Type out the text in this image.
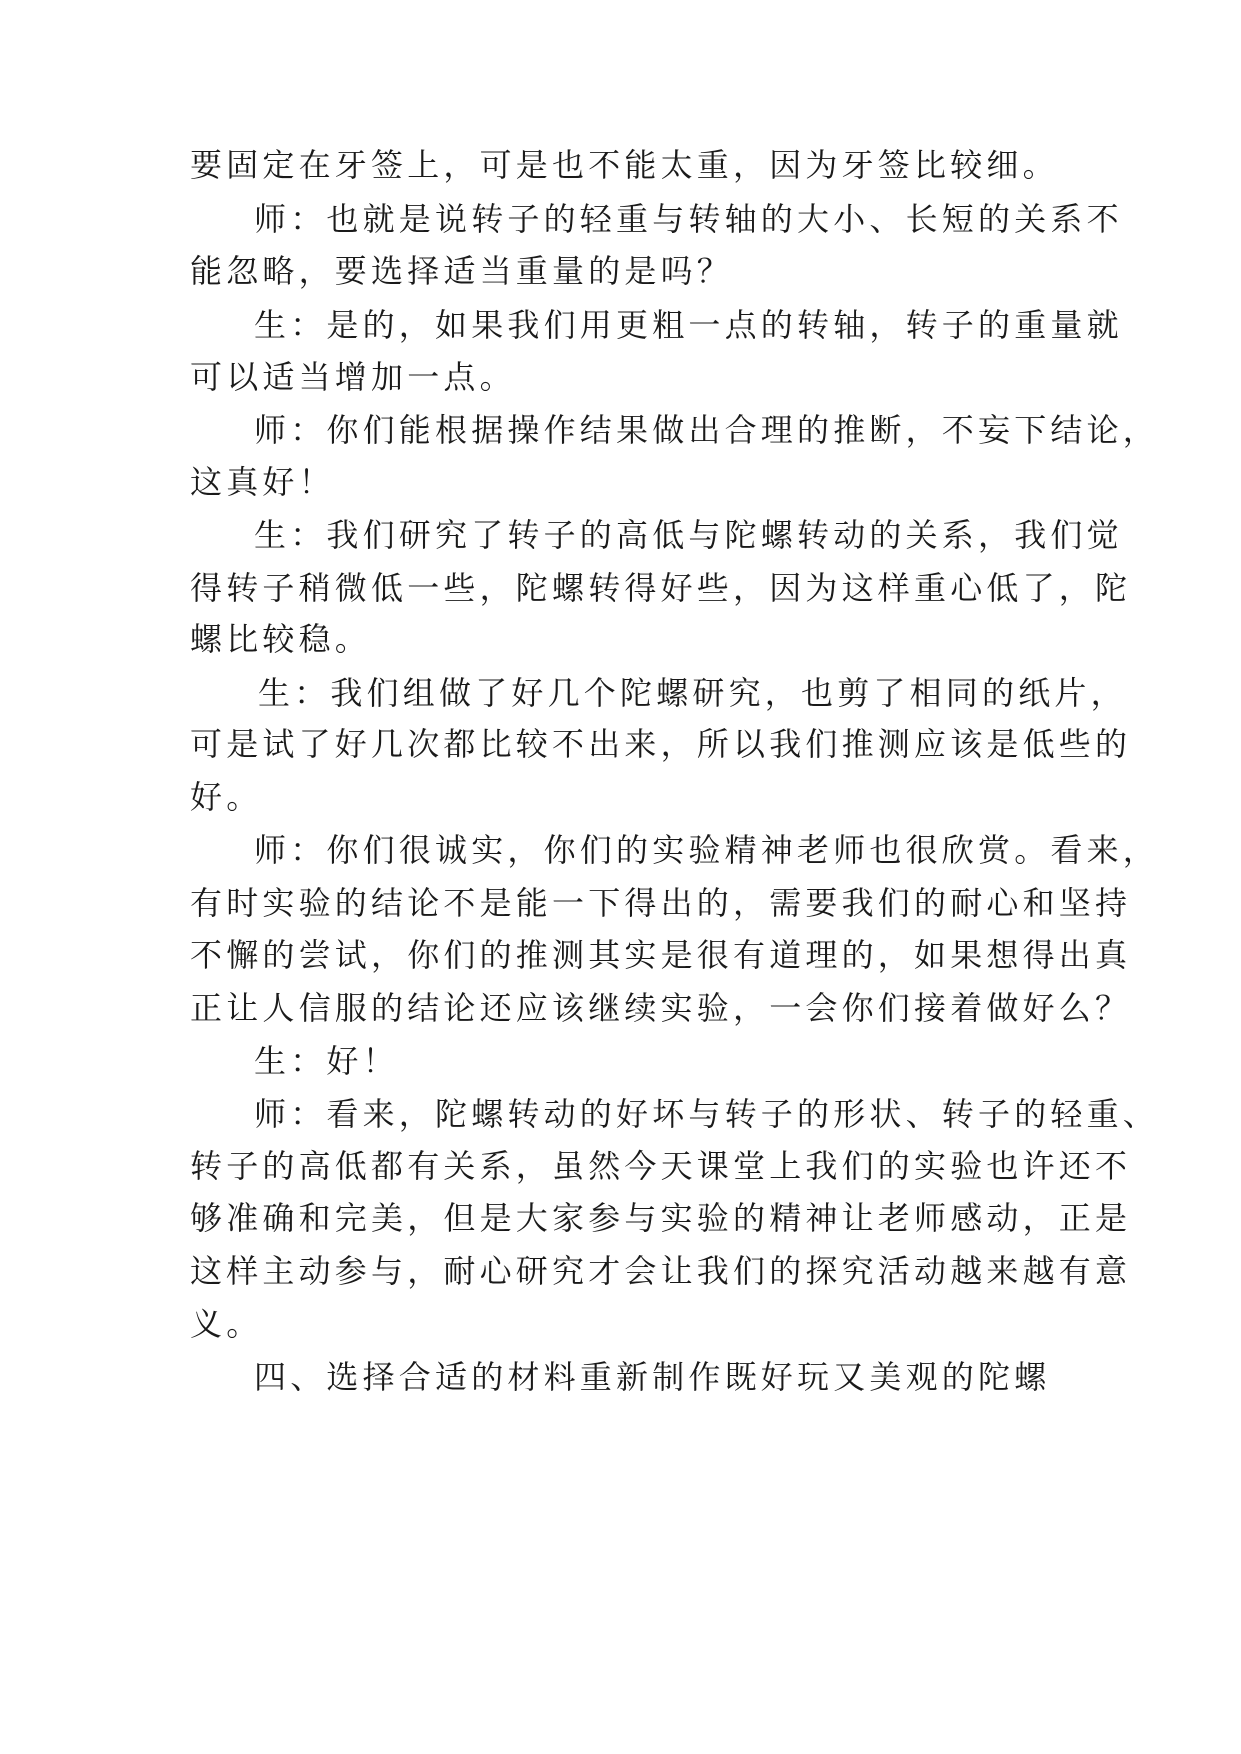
要固定在牙签上，可是也不能太重，因为牙签比较细。
师：也就是说转子的轻重与转轴的大小、长短的关系不
能忽略，要选择适当重量的是吗？
生：是的，如果我们用更粗一点的转轴，转子的重量就
可以适当增加一点。
师：你们能根据操作结果做出合理的推断，不妄下结论，
这真好！
生：我们研究了转子的高低与陀螺转动的关系，我们觉
得转子稍微低一些，陀螺转得好些，因为这样重心低了，陀
螺比较稳。
生：我们组做了好几个陀螺研究，也剪了相同的纸片，
可是试了好几次都比较不出来，所以我们推测应该是低些的
好。
师：你们很诚实，你们的实验精神老师也很欣赏。看来，
有时实验的结论不是能一下得出的，需要我们的耐心和坚持
不懈的尝试，你们的推测其实是很有道理的，如果想得出真
正让人信服的结论还应该继续实验，一会你们接着做好么？
生：好！
师：看来，陀螺转动的好坏与转子的形状、转子的轻重、
转子的高低都有关系，虽然今天课堂上我们的实验也许还不
够准确和完美，但是大家参与实验的精神让老师感动，正是
这样主动参与，耐心研究才会让我们的探究活动越来越有意
义。
四、选择合适的材料重新制作既好玩又美观的陀螺
